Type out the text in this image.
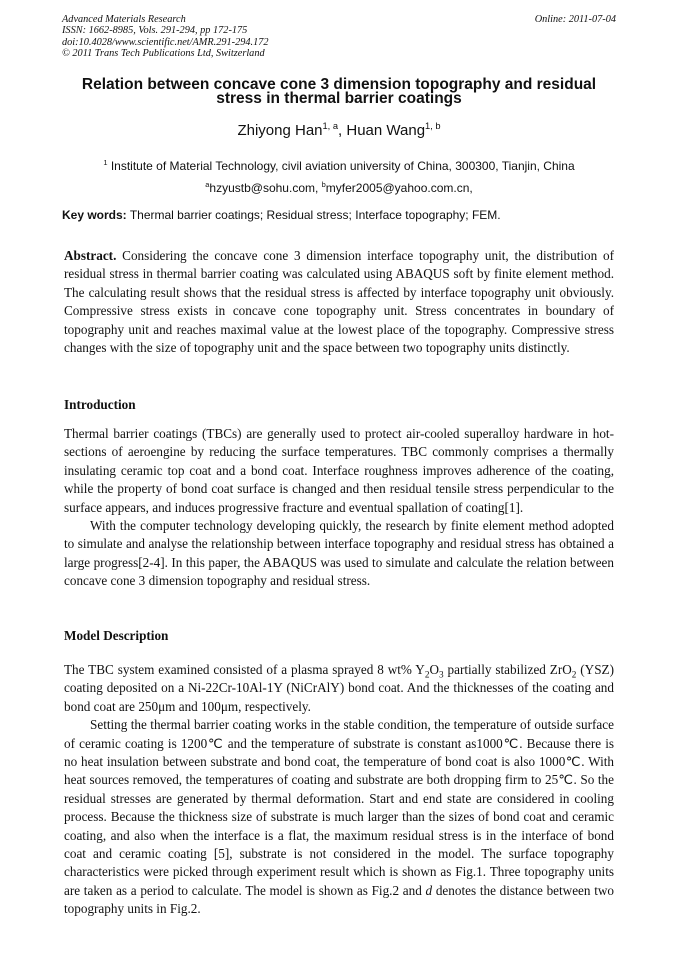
Advanced Materials Research
ISSN: 1662-8985, Vols. 291-294, pp 172-175
doi:10.4028/www.scientific.net/AMR.291-294.172
© 2011 Trans Tech Publications Ltd, Switzerland
Online: 2011-07-04
Relation between concave cone 3 dimension topography and residual stress in thermal barrier coatings
Zhiyong Han$^{1, a}$, Huan Wang$^{1, b}$
$^1$ Institute of Material Technology, civil aviation university of China, 300300, Tianjin, China
$^a$hzyustb@sohu.com, $^b$myfer2005@yahoo.com.cn,
Key words: Thermal barrier coatings; Residual stress; Interface topography; FEM.
Abstract. Considering the concave cone 3 dimension interface topography unit, the distribution of residual stress in thermal barrier coating was calculated using ABAQUS soft by finite element method. The calculating result shows that the residual stress is affected by interface topography unit obviously. Compressive stress exists in concave cone topography unit. Stress concentrates in boundary of topography unit and reaches maximal value at the lowest place of the topography. Compressive stress changes with the size of topography unit and the space between two topography units distinctly.
Introduction

Thermal barrier coatings (TBCs) are generally used to protect air-cooled superalloy hardware in hot-sections of aeroengine by reducing the surface temperatures. TBC commonly comprises a thermally insulating ceramic top coat and a bond coat. Interface roughness improves adherence of the coating, while the property of bond coat surface is changed and then residual tensile stress perpendicular to the surface appears, and induces progressive fracture and eventual spallation of coating[1].

With the computer technology developing quickly, the research by finite element method adopted to simulate and analyse the relationship between interface topography and residual stress has obtained a large progress[2-4]. In this paper, the ABAQUS was used to simulate and calculate the relation between concave cone 3 dimension topography and residual stress.

Model Description

The TBC system examined consisted of a plasma sprayed 8 wt% $Y_2O_3$ partially stabilized ZrO$_2$ (YSZ) coating deposited on a Ni-22Cr-10Al-1Y (NiCrAlY) bond coat. And the thicknesses of the coating and bond coat are 250μm and 100μm, respectively.

Setting the thermal barrier coating works in the stable condition, the temperature of outside surface of ceramic coating is 1200℃ and the temperature of substrate is constant as1000℃. Because there is no heat insulation between substrate and bond coat, the temperature of bond coat is also 1000℃. With heat sources removed, the temperatures of coating and substrate are both dropping firm to 25℃. So the residual stresses are generated by thermal deformation. Start and end state are considered in cooling process. Because the thickness size of substrate is much larger than the sizes of bond coat and ceramic coating, and also when the interface is a flat, the maximum residual stress is in the interface of bond coat and ceramic coating [5], substrate is not considered in the model. The surface topography characteristics were picked through experiment result which is shown as Fig.1. Three topography units are taken as a period to calculate. The model is shown as Fig.2 and d denotes the distance between two topography units in Fig.2.
